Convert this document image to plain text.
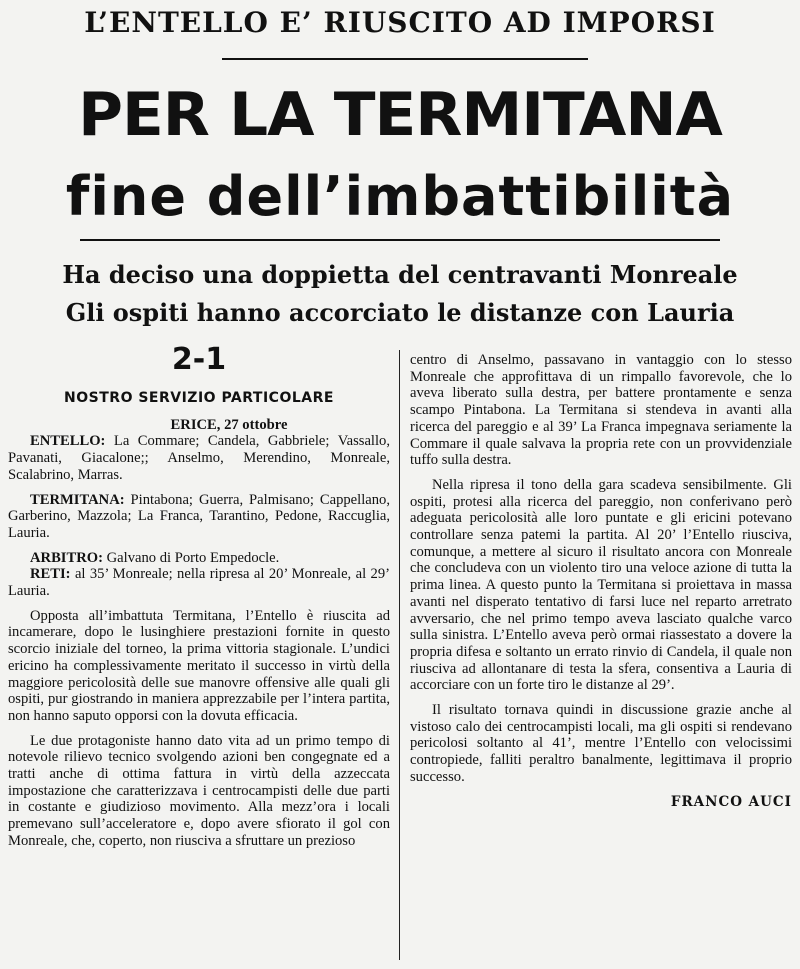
L’ENTELLO E’ RIUSCITO AD IMPORSI
PER LA TERMITANA
fine dell’imbattibilità
Ha deciso una doppietta del centravanti Monreale
Gli ospiti hanno accorciato le distanze con Lauria
2-1
NOSTRO SERVIZIO PARTICOLARE
ERICE, 27 ottobre

ENTELLO: La Commare; Candela, Gabbriele; Vassallo, Pavanati, Giacalone;; Anselmo, Merendino, Monreale, Scalabrino, Marras.

TERMITANA: Pintabona; Guerra, Palmisano; Cappellano, Garberino, Mazzola; La Franca, Tarantino, Pedone, Raccuglia, Lauria.

ARBITRO: Galvano di Porto Empedocle.

RETI: al 35’ Monreale; nella ripresa al 20’ Monreale, al 29’ Lauria.

Opposta all’imbattuta Termitana, l’Entello è riuscita ad incamerare, dopo le lusinghiere prestazioni fornite in questo scorcio iniziale del torneo, la prima vittoria stagionale. L’undici ericino ha complessivamente meritato il successo in virtù della maggiore pericolosità delle sue manovre offensive alle quali gli ospiti, pur giostrando in maniera apprezzabile per l’intera partita, non hanno saputo opporsi con la dovuta efficacia.

Le due protagoniste hanno dato vita ad un primo tempo di notevole rilievo tecnico svolgendo azioni ben congegnate ed a tratti anche di ottima fattura in virtù della azzeccata impostazione che caratterizzava i centrocampisti delle due parti in costante e giudizioso movimento. Alla mezz’ora i locali premevano sull’acceleratore e, dopo avere sfiorato il gol con Monreale, che, coperto, non riusciva a sfruttare un prezioso

centro di Anselmo, passavano in vantaggio con lo stesso Monreale che approfittava di un rimpallo favorevole, che lo aveva liberato sulla destra, per battere prontamente e senza scampo Pintabona. La Termitana si stendeva in avanti alla ricerca del pareggio e al 39’ La Franca impegnava seriamente la Commare il quale salvava la propria rete con un provvidenziale tuffo sulla destra.

Nella ripresa il tono della gara scadeva sensibilmente. Gli ospiti, protesi alla ricerca del pareggio, non conferivano però adeguata pericolosità alle loro puntate e gli ericini potevano controllare senza patemi la partita. Al 20’ l’Entello riusciva, comunque, a mettere al sicuro il risultato ancora con Monreale che concludeva con un violento tiro una veloce azione di tutta la prima linea. A questo punto la Termitana si proiettava in massa avanti nel disperato tentativo di farsi luce nel reparto arretrato avversario, che nel primo tempo aveva lasciato qualche varco sulla sinistra. L’Entello aveva però ormai riassestato a dovere la propria difesa e soltanto un errato rinvio di Candela, il quale non riusciva ad allontanare di testa la sfera, consentiva a Lauria di accorciare con un forte tiro le distanze al 29’.

Il risultato tornava quindi in discussione grazie anche al vistoso calo dei centrocampisti locali, ma gli ospiti si rendevano pericolosi soltanto al 41’, mentre l’Entello con velocissimi contropiede, falliti peraltro banalmente, legittimava il proprio successo.

FRANCO AUCI
